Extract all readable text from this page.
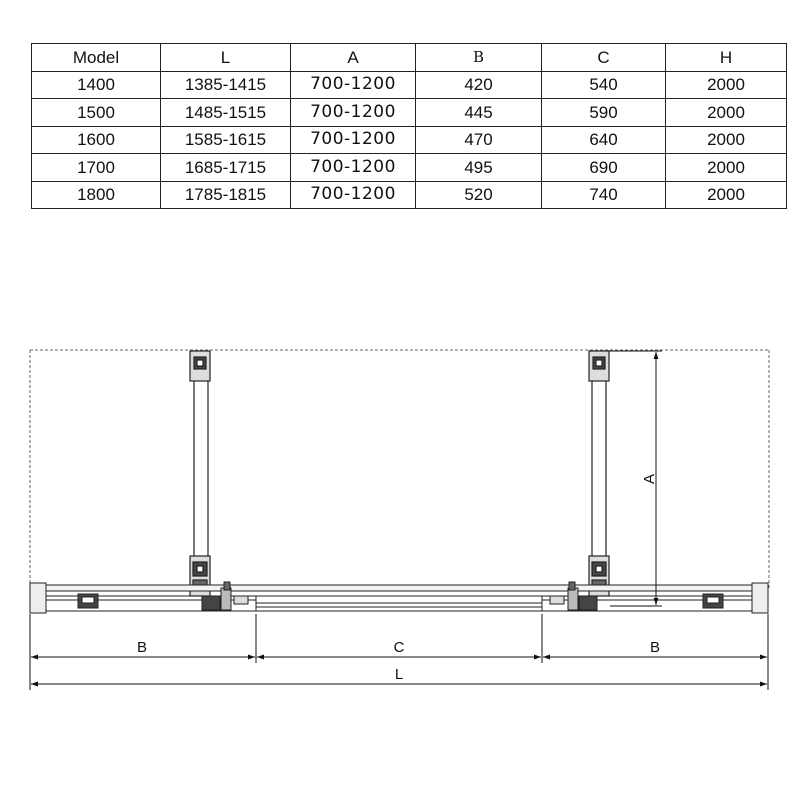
Model	L	A	B	C	H
1400	1385-1415	700-1200	420	540	2000
1500	1485-1515	700-1200	445	590	2000
1600	1585-1615	700-1200	470	640	2000
1700	1685-1715	700-1200	495	690	2000
1800	1785-1815	700-1200	520	740	2000
A
B	C	B
L
